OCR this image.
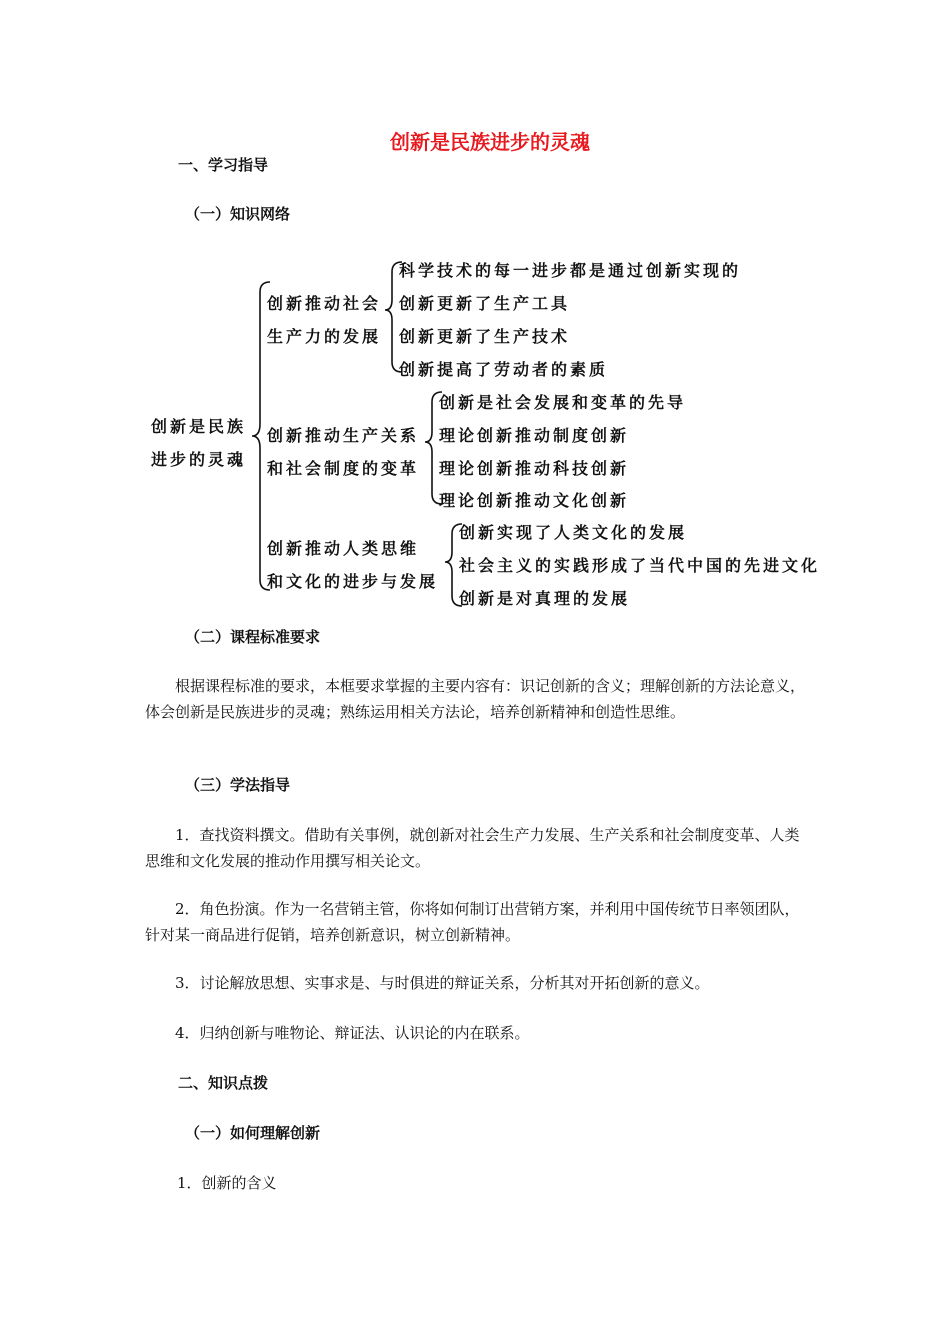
创新是民族进步的灵魂
一、学习指导
（一）知识网络
创新是民族
进步的灵魂
创新推动社会
生产力的发展
科学技术的每一进步都是通过创新实现的
创新更新了生产工具
创新更新了生产技术
创新提高了劳动者的素质
创新推动生产关系
和社会制度的变革
创新是社会发展和变革的先导
理论创新推动制度创新
理论创新推动科技创新
理论创新推动文化创新
创新推动人类思维
和文化的进步与发展
创新实现了人类文化的发展
社会主义的实践形成了当代中国的先进文化
创新是对真理的发展
（二）课程标准要求
根据课程标准的要求，本框要求掌握的主要内容有：识记创新的含义；理解创新的方法论意义，体会创新是民族进步的灵魂；熟练运用相关方法论，培养创新精神和创造性思维。
（三）学法指导
1．查找资料撰文。借助有关事例，就创新对社会生产力发展、生产关系和社会制度变革、人类思维和文化发展的推动作用撰写相关论文。
2．角色扮演。作为一名营销主管，你将如何制订出营销方案，并利用中国传统节日率领团队，针对某一商品进行促销，培养创新意识，树立创新精神。
3．讨论解放思想、实事求是、与时俱进的辩证关系，分析其对开拓创新的意义。
4．归纳创新与唯物论、辩证法、认识论的内在联系。
二、知识点拨
（一）如何理解创新
1．创新的含义
